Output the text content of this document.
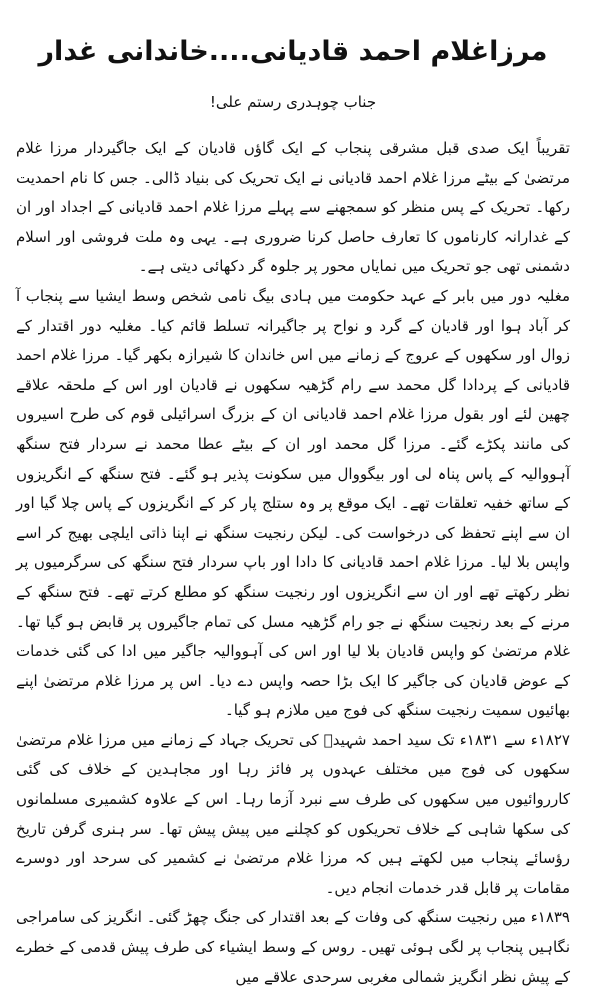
مرزاغلام احمد قادیانی....خاندانی غدار
جناب چوہدری رستم علی!

تقریباً ایک صدی قبل مشرقی پنجاب کے ایک گاؤں قادیان کے ایک جاگیردار مرزا غلام مرتضیٰ کے بیٹے مرزا غلام احمد قادیانی نے ایک تحریک کی بنیاد ڈالی۔ جس کا نام احمدیت رکھا۔ تحریک کے پس منظر کو سمجھنے سے پہلے مرزا غلام احمد قادیانی کے اجداد اور ان کے غدارانہ کارناموں کا تعارف حاصل کرنا ضروری ہے۔ یہی وہ ملت فروشی اور اسلام دشمنی تھی جو تحریک میں نمایاں محور پر جلوہ گر دکھائی دیتی ہے۔

مغلیہ دور میں بابر کے عہد حکومت میں ہادی بیگ نامی شخص وسط ایشیا سے پنجاب آ کر آباد ہوا اور قادیان کے گرد و نواح پر جاگیرانہ تسلط قائم کیا۔ مغلیہ دور اقتدار کے زوال اور سکھوں کے عروج کے زمانے میں اس خاندان کا شیرازہ بکھر گیا۔ مرزا غلام احمد قادیانی کے پردادا گل محمد سے رام گڑھیہ سکھوں نے قادیان اور اس کے ملحقہ علاقے چھین لئے اور بقول مرزا غلام احمد قادیانی ان کے بزرگ اسرائیلی قوم کی طرح اسیروں کی مانند پکڑے گئے۔ مرزا گل محمد اور ان کے بیٹے عطا محمد نے سردار فتح سنگھ آہووالیہ کے پاس پناہ لی اور بیگووال میں سکونت پذیر ہو گئے۔ فتح سنگھ کے انگریزوں کے ساتھ خفیہ تعلقات تھے۔ ایک موقع پر وہ ستلج پار کر کے انگریزوں کے پاس چلا گیا اور ان سے اپنے تحفظ کی درخواست کی۔ لیکن رنجیت سنگھ نے اپنا ذاتی ایلچی بھیج کر اسے واپس بلا لیا۔ مرزا غلام احمد قادیانی کا دادا اور باپ سردار فتح سنگھ کی سرگرمیوں پر نظر رکھتے تھے اور ان سے انگریزوں اور رنجیت سنگھ کو مطلع کرتے تھے۔ فتح سنگھ کے مرنے کے بعد رنجیت سنگھ نے جو رام گڑھیہ مسل کی تمام جاگیروں پر قابض ہو گیا تھا۔ غلام مرتضیٰ کو واپس قادیان بلا لیا اور اس کی آہووالیہ جاگیر میں ادا کی گئی خدمات کے عوض قادیان کی جاگیر کا ایک بڑا حصہ واپس دے دیا۔ اس پر مرزا غلام مرتضیٰ اپنے بھائیوں سمیت رنجیت سنگھ کی فوج میں ملازم ہو گیا۔

۱۸۲۷ء سے ۱۸۳۱ء تک سید احمد شہیدؒ کی تحریک جہاد کے زمانے میں مرزا غلام مرتضیٰ سکھوں کی فوج میں مختلف عہدوں پر فائز رہا اور مجاہدین کے خلاف کی گئی کارروائیوں میں سکھوں کی طرف سے نبرد آزما رہا۔ اس کے علاوہ کشمیری مسلمانوں کی سکھا شاہی کے خلاف تحریکوں کو کچلنے میں پیش پیش تھا۔ سر ہنری گرفن تاریخ رؤسائے پنجاب میں لکھتے ہیں کہ مرزا غلام مرتضیٰ نے کشمیر کی سرحد اور دوسرے مقامات پر قابل قدر خدمات انجام دیں۔

۱۸۳۹ء میں رنجیت سنگھ کی وفات کے بعد اقتدار کی جنگ چھڑ گئی۔ انگریز کی سامراجی نگاہیں پنجاب پر لگی ہوئی تھیں۔ روس کے وسط ایشیاء کی طرف پیش قدمی کے خطرے کے پیش نظر انگریز شمالی مغربی سرحدی علاقے میں
